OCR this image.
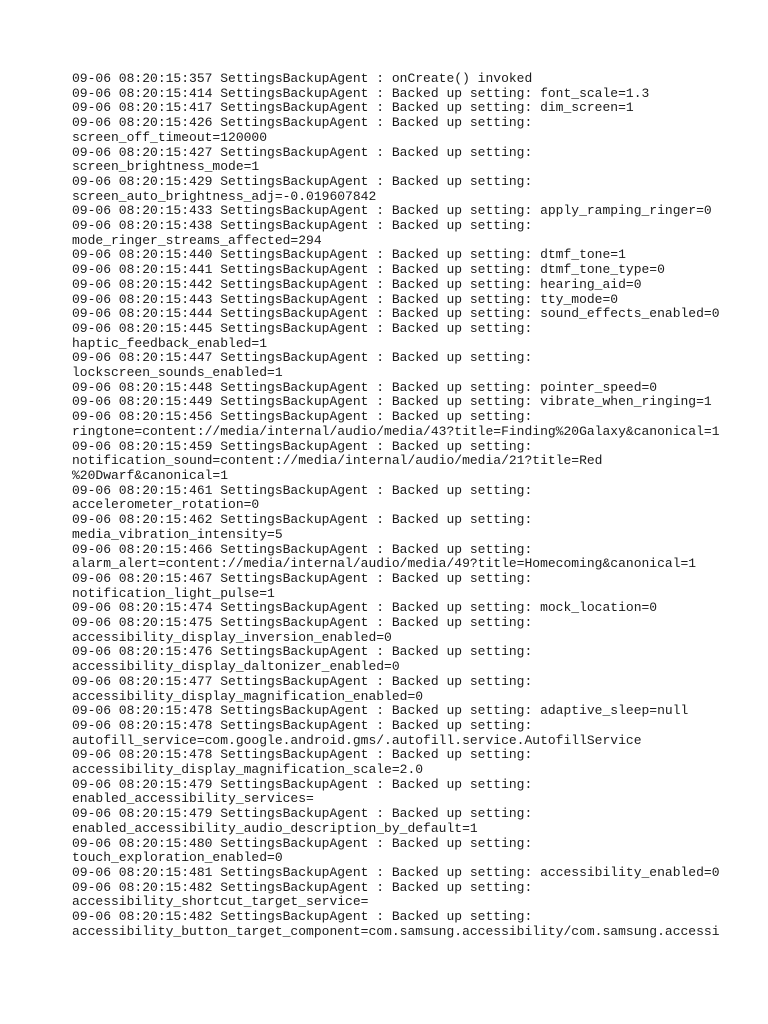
09-06 08:20:15:357 SettingsBackupAgent : onCreate() invoked
09-06 08:20:15:414 SettingsBackupAgent : Backed up setting: font_scale=1.3
09-06 08:20:15:417 SettingsBackupAgent : Backed up setting: dim_screen=1
09-06 08:20:15:426 SettingsBackupAgent : Backed up setting:
screen_off_timeout=120000
09-06 08:20:15:427 SettingsBackupAgent : Backed up setting:
screen_brightness_mode=1
09-06 08:20:15:429 SettingsBackupAgent : Backed up setting:
screen_auto_brightness_adj=-0.019607842
09-06 08:20:15:433 SettingsBackupAgent : Backed up setting: apply_ramping_ringer=0
09-06 08:20:15:438 SettingsBackupAgent : Backed up setting:
mode_ringer_streams_affected=294
09-06 08:20:15:440 SettingsBackupAgent : Backed up setting: dtmf_tone=1
09-06 08:20:15:441 SettingsBackupAgent : Backed up setting: dtmf_tone_type=0
09-06 08:20:15:442 SettingsBackupAgent : Backed up setting: hearing_aid=0
09-06 08:20:15:443 SettingsBackupAgent : Backed up setting: tty_mode=0
09-06 08:20:15:444 SettingsBackupAgent : Backed up setting: sound_effects_enabled=0
09-06 08:20:15:445 SettingsBackupAgent : Backed up setting:
haptic_feedback_enabled=1
09-06 08:20:15:447 SettingsBackupAgent : Backed up setting:
lockscreen_sounds_enabled=1
09-06 08:20:15:448 SettingsBackupAgent : Backed up setting: pointer_speed=0
09-06 08:20:15:449 SettingsBackupAgent : Backed up setting: vibrate_when_ringing=1
09-06 08:20:15:456 SettingsBackupAgent : Backed up setting:
ringtone=content://media/internal/audio/media/43?title=Finding%20Galaxy&canonical=1
09-06 08:20:15:459 SettingsBackupAgent : Backed up setting:
notification_sound=content://media/internal/audio/media/21?title=Red
%20Dwarf&canonical=1
09-06 08:20:15:461 SettingsBackupAgent : Backed up setting:
accelerometer_rotation=0
09-06 08:20:15:462 SettingsBackupAgent : Backed up setting:
media_vibration_intensity=5
09-06 08:20:15:466 SettingsBackupAgent : Backed up setting:
alarm_alert=content://media/internal/audio/media/49?title=Homecoming&canonical=1
09-06 08:20:15:467 SettingsBackupAgent : Backed up setting:
notification_light_pulse=1
09-06 08:20:15:474 SettingsBackupAgent : Backed up setting: mock_location=0
09-06 08:20:15:475 SettingsBackupAgent : Backed up setting:
accessibility_display_inversion_enabled=0
09-06 08:20:15:476 SettingsBackupAgent : Backed up setting:
accessibility_display_daltonizer_enabled=0
09-06 08:20:15:477 SettingsBackupAgent : Backed up setting:
accessibility_display_magnification_enabled=0
09-06 08:20:15:478 SettingsBackupAgent : Backed up setting: adaptive_sleep=null
09-06 08:20:15:478 SettingsBackupAgent : Backed up setting:
autofill_service=com.google.android.gms/.autofill.service.AutofillService
09-06 08:20:15:478 SettingsBackupAgent : Backed up setting:
accessibility_display_magnification_scale=2.0
09-06 08:20:15:479 SettingsBackupAgent : Backed up setting:
enabled_accessibility_services=
09-06 08:20:15:479 SettingsBackupAgent : Backed up setting:
enabled_accessibility_audio_description_by_default=1
09-06 08:20:15:480 SettingsBackupAgent : Backed up setting:
touch_exploration_enabled=0
09-06 08:20:15:481 SettingsBackupAgent : Backed up setting: accessibility_enabled=0
09-06 08:20:15:482 SettingsBackupAgent : Backed up setting:
accessibility_shortcut_target_service=
09-06 08:20:15:482 SettingsBackupAgent : Backed up setting:
accessibility_button_target_component=com.samsung.accessibility/com.samsung.accessi
